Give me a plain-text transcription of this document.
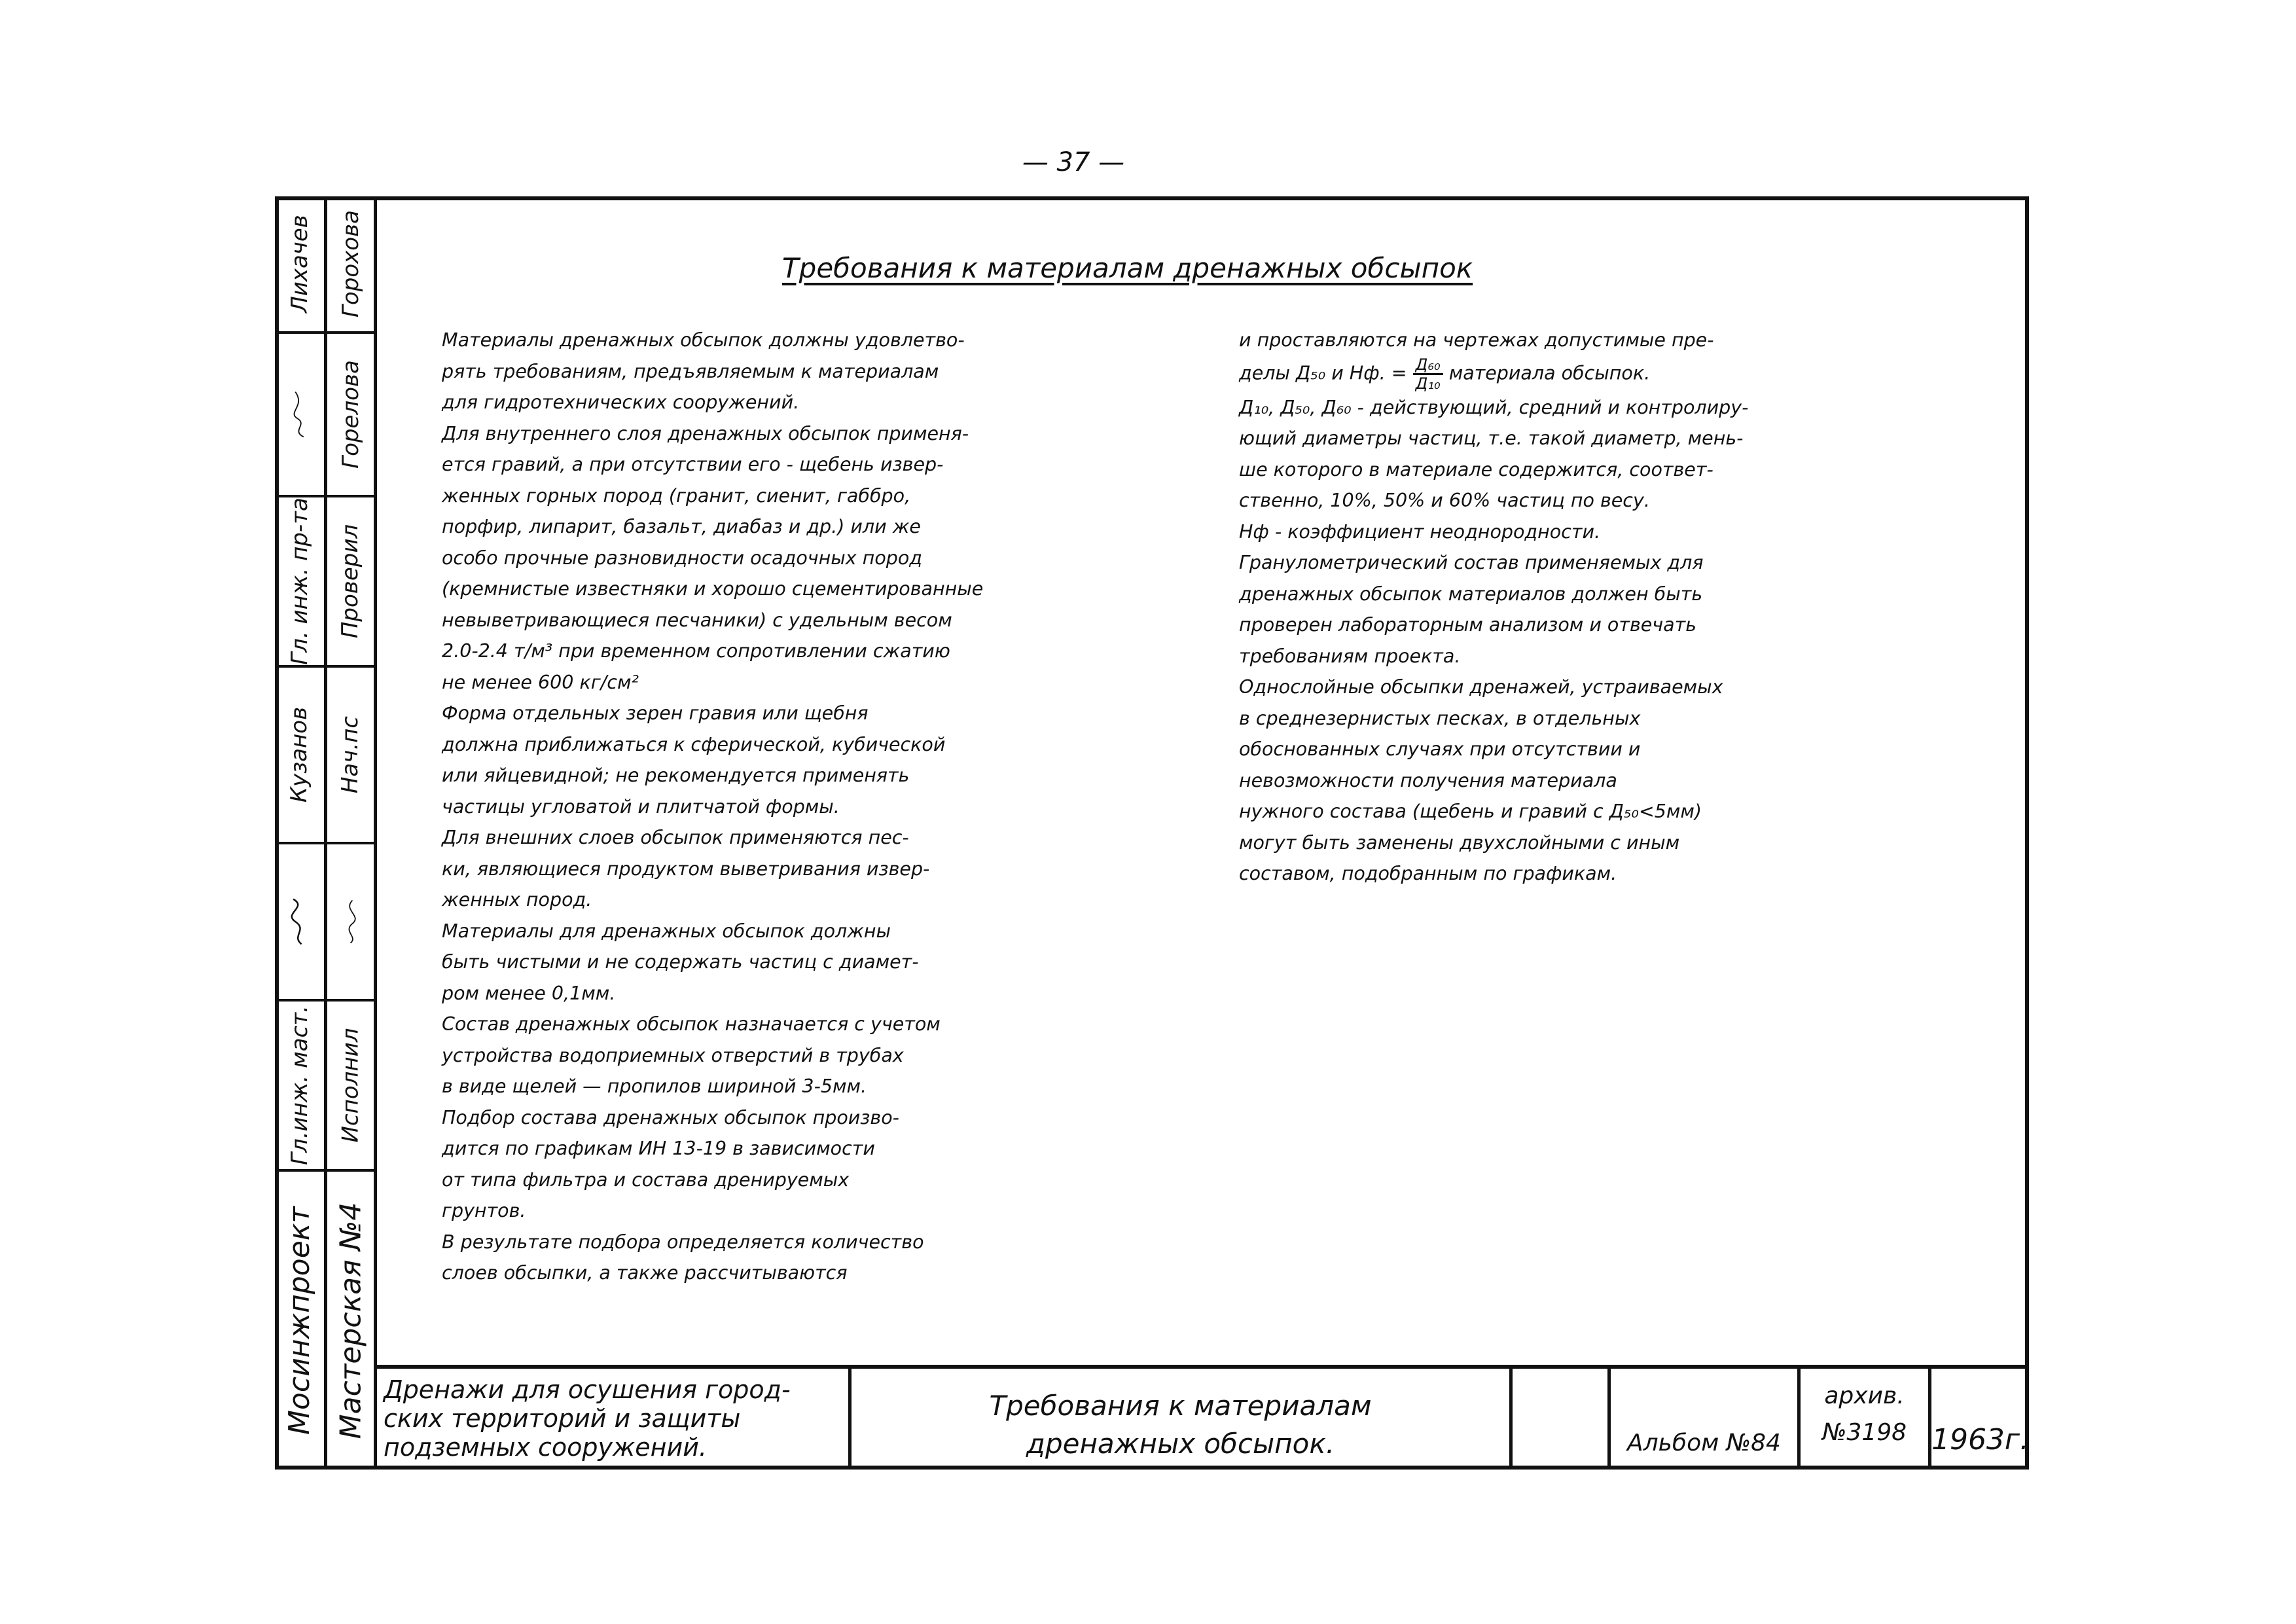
— 37 —
Лихачев
Гл. инж. пр-та
Кузанов
Гл.инж. маст.
Мосинжпроект
Горохова
Горелова
Проверил
Нач.пс
Исполнил
Мастерская №4
Требования к материалам дренажных обсыпок

Материалы дренажных обсыпок должны удовлетво-

рять требованиям, предъявляемым к материалам

для гидротехнических сооружений.

Для внутреннего слоя дренажных обсыпок применя-

ется гравий, а при отсутствии его - щебень извер-

женных горных пород (гранит, сиенит, габбро,

порфир, липарит, базальт, диабаз и др.) или же

особо прочные разновидности осадочных пород

(кремнистые известняки и хорошо сцементированные

невыветривающиеся песчаники) с удельным весом

2.0-2.4 т/м³ при временном сопротивлении сжатию

не менее 600 кг/см²

Форма отдельных зерен гравия или щебня

должна приближаться к сферической, кубической

или яйцевидной; не рекомендуется применять

частицы угловатой и плитчатой формы.

Для внешних слоев обсыпок применяются пес-

ки, являющиеся продуктом выветривания извер-

женных пород.

Материалы для дренажных обсыпок должны

быть чистыми и не содержать частиц с диамет-

ром менее 0,1мм.

Состав дренажных обсыпок назначается с учетом

устройства водоприемных отверстий в трубах

в виде щелей — пропилов шириной 3-5мм.

Подбор состава дренажных обсыпок произво-

дится по графикам ИН 13-19 в зависимости

от типа фильтра и состава дренируемых

грунтов.

В результате подбора определяется количество

слоев обсыпки, а также рассчитываются

и проставляются на чертежах допустимые пре-

делы Д₅₀ и Нф. = $\frac{\text{Д₆₀}}{\text{Д₁₀}}$ материала обсыпок.

Д₁₀, Д₅₀, Д₆₀ - действующий, средний и контролиру-

ющий диаметры частиц, т.е. такой диаметр, мень-

ше которого в материале содержится, соответ-

ственно, 10%, 50% и 60% частиц по весу.

Нф - коэффициент неоднородности.

Гранулометрический состав применяемых для

дренажных обсыпок материалов должен быть

проверен лабораторным анализом и отвечать

требованиям проекта.

Однослойные обсыпки дренажей, устраиваемых

в среднезернистых песках, в отдельных

обоснованных случаях при отсутствии и

невозможности получения материала

нужного состава (щебень и гравий с Д₅₀<5мм)

могут быть заменены двухслойными с иным

составом, подобранным по графикам.

Дренажи для осушения город-

ских территорий и защиты

подземных сооружений.

Требования к материалам

дренажных обсыпок.	Альбом №84

архив.

№3198 1963г.
